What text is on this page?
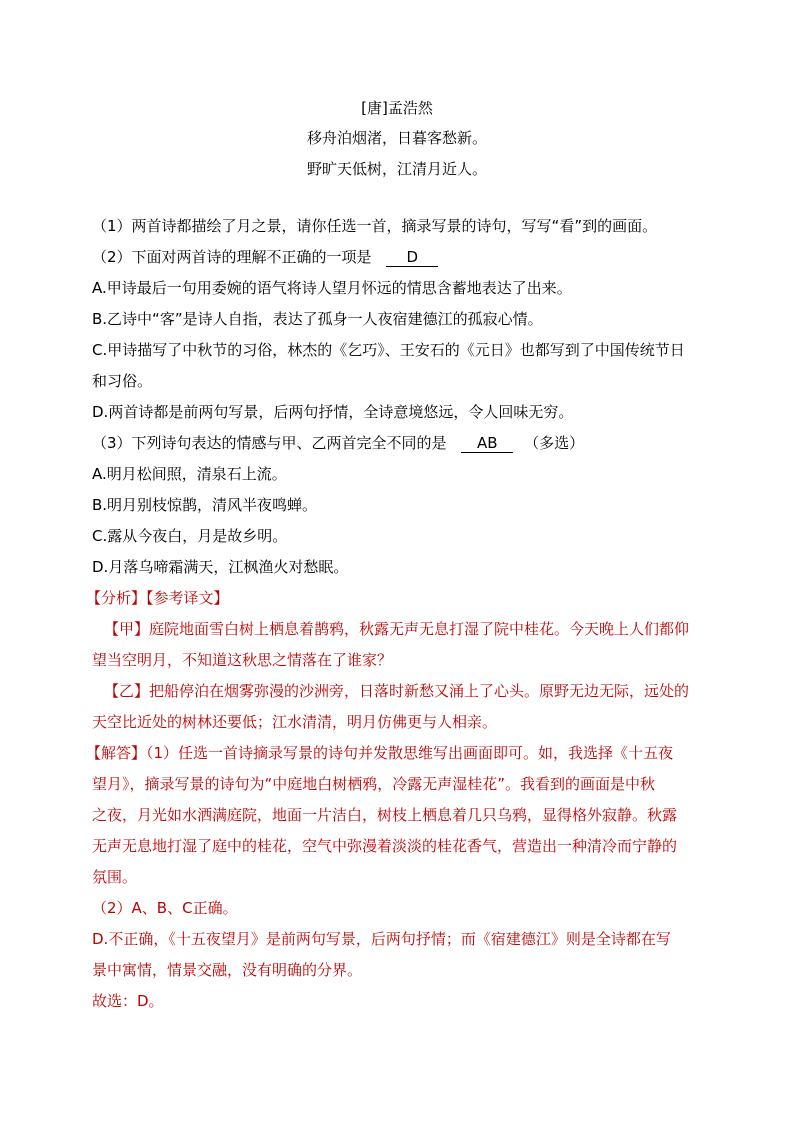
[唐]孟浩然
移舟泊烟渚，日暮客愁新。
野旷天低树，江清月近人。
（1）两首诗都描绘了月之景，请你任选一首，摘录写景的诗句，写写“看”到的画面。
（2）下面对两首诗的理解不正确的一项是 D
A.甲诗最后一句用委婉的语气将诗人望月怀远的情思含蓄地表达了出来。
B.乙诗中“客”是诗人自指，表达了孤身一人夜宿建德江的孤寂心情。
C.甲诗描写了中秋节的习俗，林杰的《乞巧》、王安石的《元日》也都写到了中国传统节日
和习俗。
D.两首诗都是前两句写景，后两句抒情，全诗意境悠远，令人回味无穷。
（3）下列诗句表达的情感与甲、乙两首完全不同的是 AB （多选）
A.明月松间照，清泉石上流。
B.明月别枝惊鹊，清风半夜鸣蝉。
C.露从今夜白，月是故乡明。
D.月落乌啼霜满天，江枫渔火对愁眠。
【分析】【参考译文】
【甲】庭院地面雪白树上栖息着鹊鸦，秋露无声无息打湿了院中桂花。今天晚上人们都仰
望当空明月，不知道这秋思之情落在了谁家？
【乙】把船停泊在烟雾弥漫的沙洲旁，日落时新愁又涌上了心头。原野无边无际，远处的
天空比近处的树林还要低；江水清清，明月仿佛更与人相亲。
【解答】（1）任选一首诗摘录写景的诗句并发散思维写出画面即可。如，我选择《十五夜
望月》，摘录写景的诗句为“中庭地白树栖鸦，冷露无声湿桂花”。我看到的画面是中秋
之夜，月光如水洒满庭院，地面一片洁白，树枝上栖息着几只乌鸦，显得格外寂静。秋露
无声无息地打湿了庭中的桂花，空气中弥漫着淡淡的桂花香气，营造出一种清冷而宁静的
氛围。
（2）A、B、C正确。
D.不正确，《十五夜望月》是前两句写景，后两句抒情；而《宿建德江》则是全诗都在写
景中寓情，情景交融，没有明确的分界。
故选：D。
